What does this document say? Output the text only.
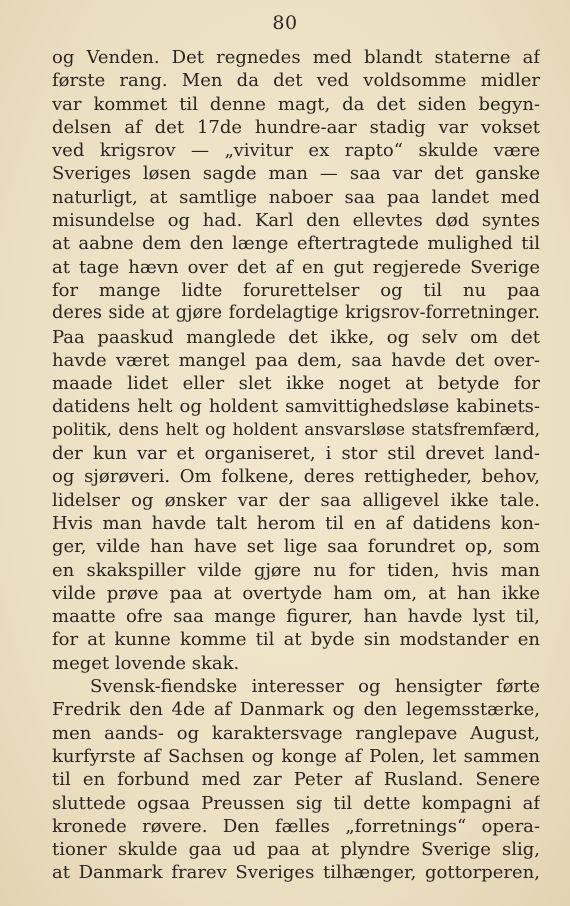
80
og Venden. Det regnedes med blandt staterne af
første rang. Men da det ved voldsomme midler
var kommet til denne magt, da det siden begyn-
delsen af det 17de hundre-aar stadig var vokset
ved krigsrov — „vivitur ex rapto“ skulde være
Sveriges løsen sagde man — saa var det ganske
naturligt, at samtlige naboer saa paa landet med
misundelse og had. Karl den ellevtes død syntes
at aabne dem den længe eftertragtede mulighed til
at tage hævn over det af en gut regjerede Sverige
for mange lidte forurettelser og til nu paa
deres side at gjøre fordelagtige krigsrov-forretninger.
Paa paaskud manglede det ikke, og selv om det
havde været mangel paa dem, saa havde det over-
maade lidet eller slet ikke noget at betyde for
datidens helt og holdent samvittighedsløse kabinets-
politik, dens helt og holdent ansvarsløse statsfremfærd,
der kun var et organiseret, i stor stil drevet land-
og sjørøveri. Om folkene, deres rettigheder, behov,
lidelser og ønsker var der saa alligevel ikke tale.
Hvis man havde talt herom til en af datidens kon-
ger, vilde han have set lige saa forundret op, som
en skakspiller vilde gjøre nu for tiden, hvis man
vilde prøve paa at overtyde ham om, at han ikke
maatte ofre saa mange figurer, han havde lyst til,
for at kunne komme til at byde sin modstander en
meget lovende skak.
Svensk-fiendske interesser og hensigter førte
Fredrik den 4de af Danmark og den legemsstærke,
men aands- og karaktersvage ranglepave August,
kurfyrste af Sachsen og konge af Polen, let sammen
til en forbund med zar Peter af Rusland. Senere
sluttede ogsaa Preussen sig til dette kompagni af
kronede røvere. Den fælles „forretnings“ opera-
tioner skulde gaa ud paa at plyndre Sverige slig,
at Danmark frarev Sveriges tilhænger, gottorperen,
